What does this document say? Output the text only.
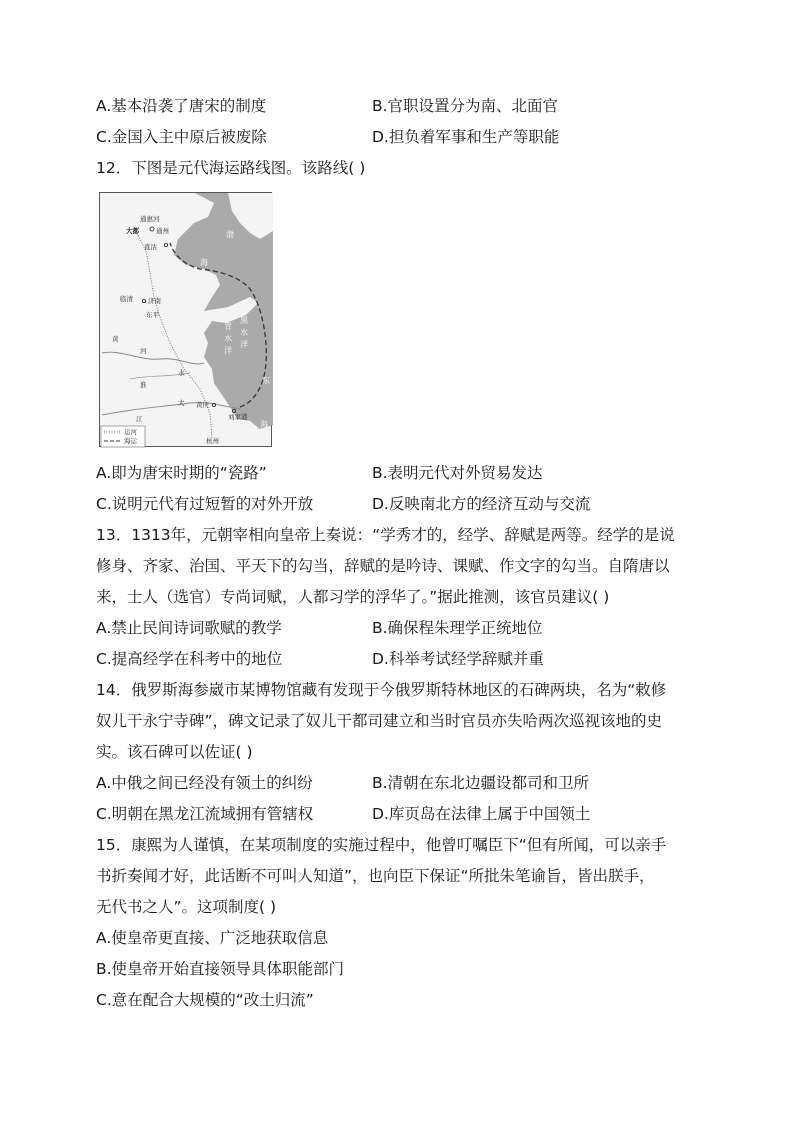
A.基本沿袭了唐宋的制度	B.官职设置分为南、北面官
C.金国入主中原后被废除	D.担负着军事和生产等职能
12．下图是元代海运路线图。该路线( )
通惠河
大都	通州
直沽
渤
海
临清 济南
东平
青
水
洋
黑
水
洋
黄
河
淮
水
东
海
大
江
黄庆
刘家港
杭州
运河
海运
A.即为唐宋时期的“瓷路”	B.表明元代对外贸易发达
C.说明元代有过短暂的对外开放	D.反映南北方的经济互动与交流
13．1313年，元朝宰相向皇帝上奏说：“学秀才的，经学、辞赋是两等。经学的是说
修身、齐家、治国、平天下的勾当，辞赋的是吟诗、课赋、作文字的勾当。自隋唐以
来，士人（选官）专尚词赋，人都习学的浮华了。”据此推测，该官员建议( )
A.禁止民间诗词歌赋的教学	B.确保程朱理学正统地位
C.提高经学在科考中的地位	D.科举考试经学辞赋并重
14．俄罗斯海参崴市某博物馆藏有发现于今俄罗斯特林地区的石碑两块，名为“敕修
奴儿干永宁寺碑”，碑文记录了奴儿干都司建立和当时官员亦失哈两次巡视该地的史
实。该石碑可以佐证( )
A.中俄之间已经没有领土的纠纷	B.清朝在东北边疆设都司和卫所
C.明朝在黑龙江流域拥有管辖权	D.库页岛在法律上属于中国领土
15．康熙为人谨慎，在某项制度的实施过程中，他曾叮嘱臣下“但有所闻，可以亲手
书折奏闻才好，此话断不可叫人知道”，也向臣下保证“所批朱笔谕旨，皆出朕手，
无代书之人”。这项制度( )
A.使皇帝更直接、广泛地获取信息
B.使皇帝开始直接领导具体职能部门
C.意在配合大规模的“改土归流”
